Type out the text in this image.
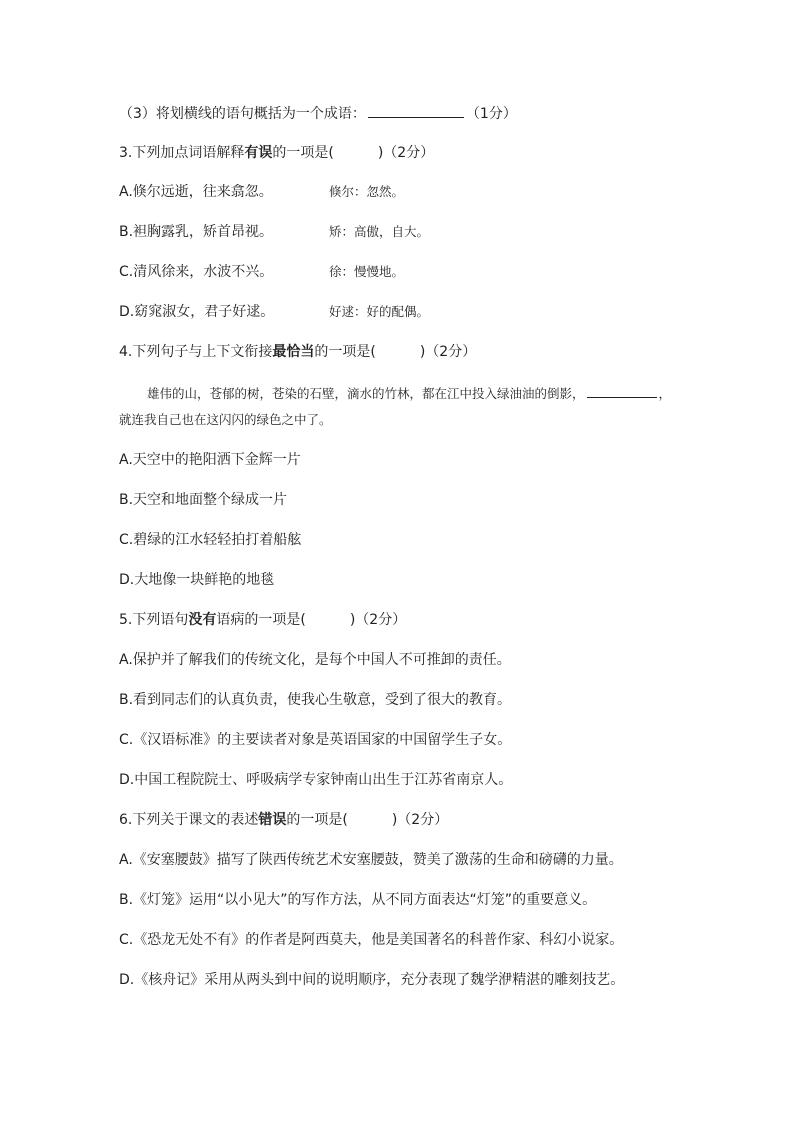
（3）将划横线的语句概括为一个成语：	（1分）
3.下列加点词语解释有误的一项是(	)（2分）
A.倏尔远逝，往来翕忽。	倏尔：忽然。
B.袒胸露乳，矫首昂视。	矫：高傲，自大。
C.清风徐来，水波不兴。	徐：慢慢地。
D.窈窕淑女，君子好逑。	好逑：好的配偶。
4.下列句子与上下文衔接最恰当的一项是(	)（2分）
雄伟的山，苍郁的树，苍染的石壁，滴水的竹林，都在江中投入绿油油的倒影，	，
就连我自己也在这闪闪的绿色之中了。
A.天空中的艳阳洒下金辉一片
B.天空和地面整个绿成一片
C.碧绿的江水轻轻拍打着船舷
D.大地像一块鲜艳的地毯
5.下列语句没有语病的一项是(	)（2分）
A.保护并了解我们的传统文化，是每个中国人不可推卸的责任。
B.看到同志们的认真负责，使我心生敬意，受到了很大的教育。
C.《汉语标准》的主要读者对象是英语国家的中国留学生子女。
D.中国工程院院士、呼吸病学专家钟南山出生于江苏省南京人。
6.下列关于课文的表述错误的一项是(	)（2分）
A.《安塞腰鼓》描写了陕西传统艺术安塞腰鼓，赞美了激荡的生命和磅礴的力量。
B.《灯笼》运用“以小见大”的写作方法，从不同方面表达“灯笼”的重要意义。
C.《恐龙无处不有》的作者是阿西莫夫，他是美国著名的科普作家、科幻小说家。
D.《核舟记》采用从两头到中间的说明顺序，充分表现了魏学洢精湛的雕刻技艺。
